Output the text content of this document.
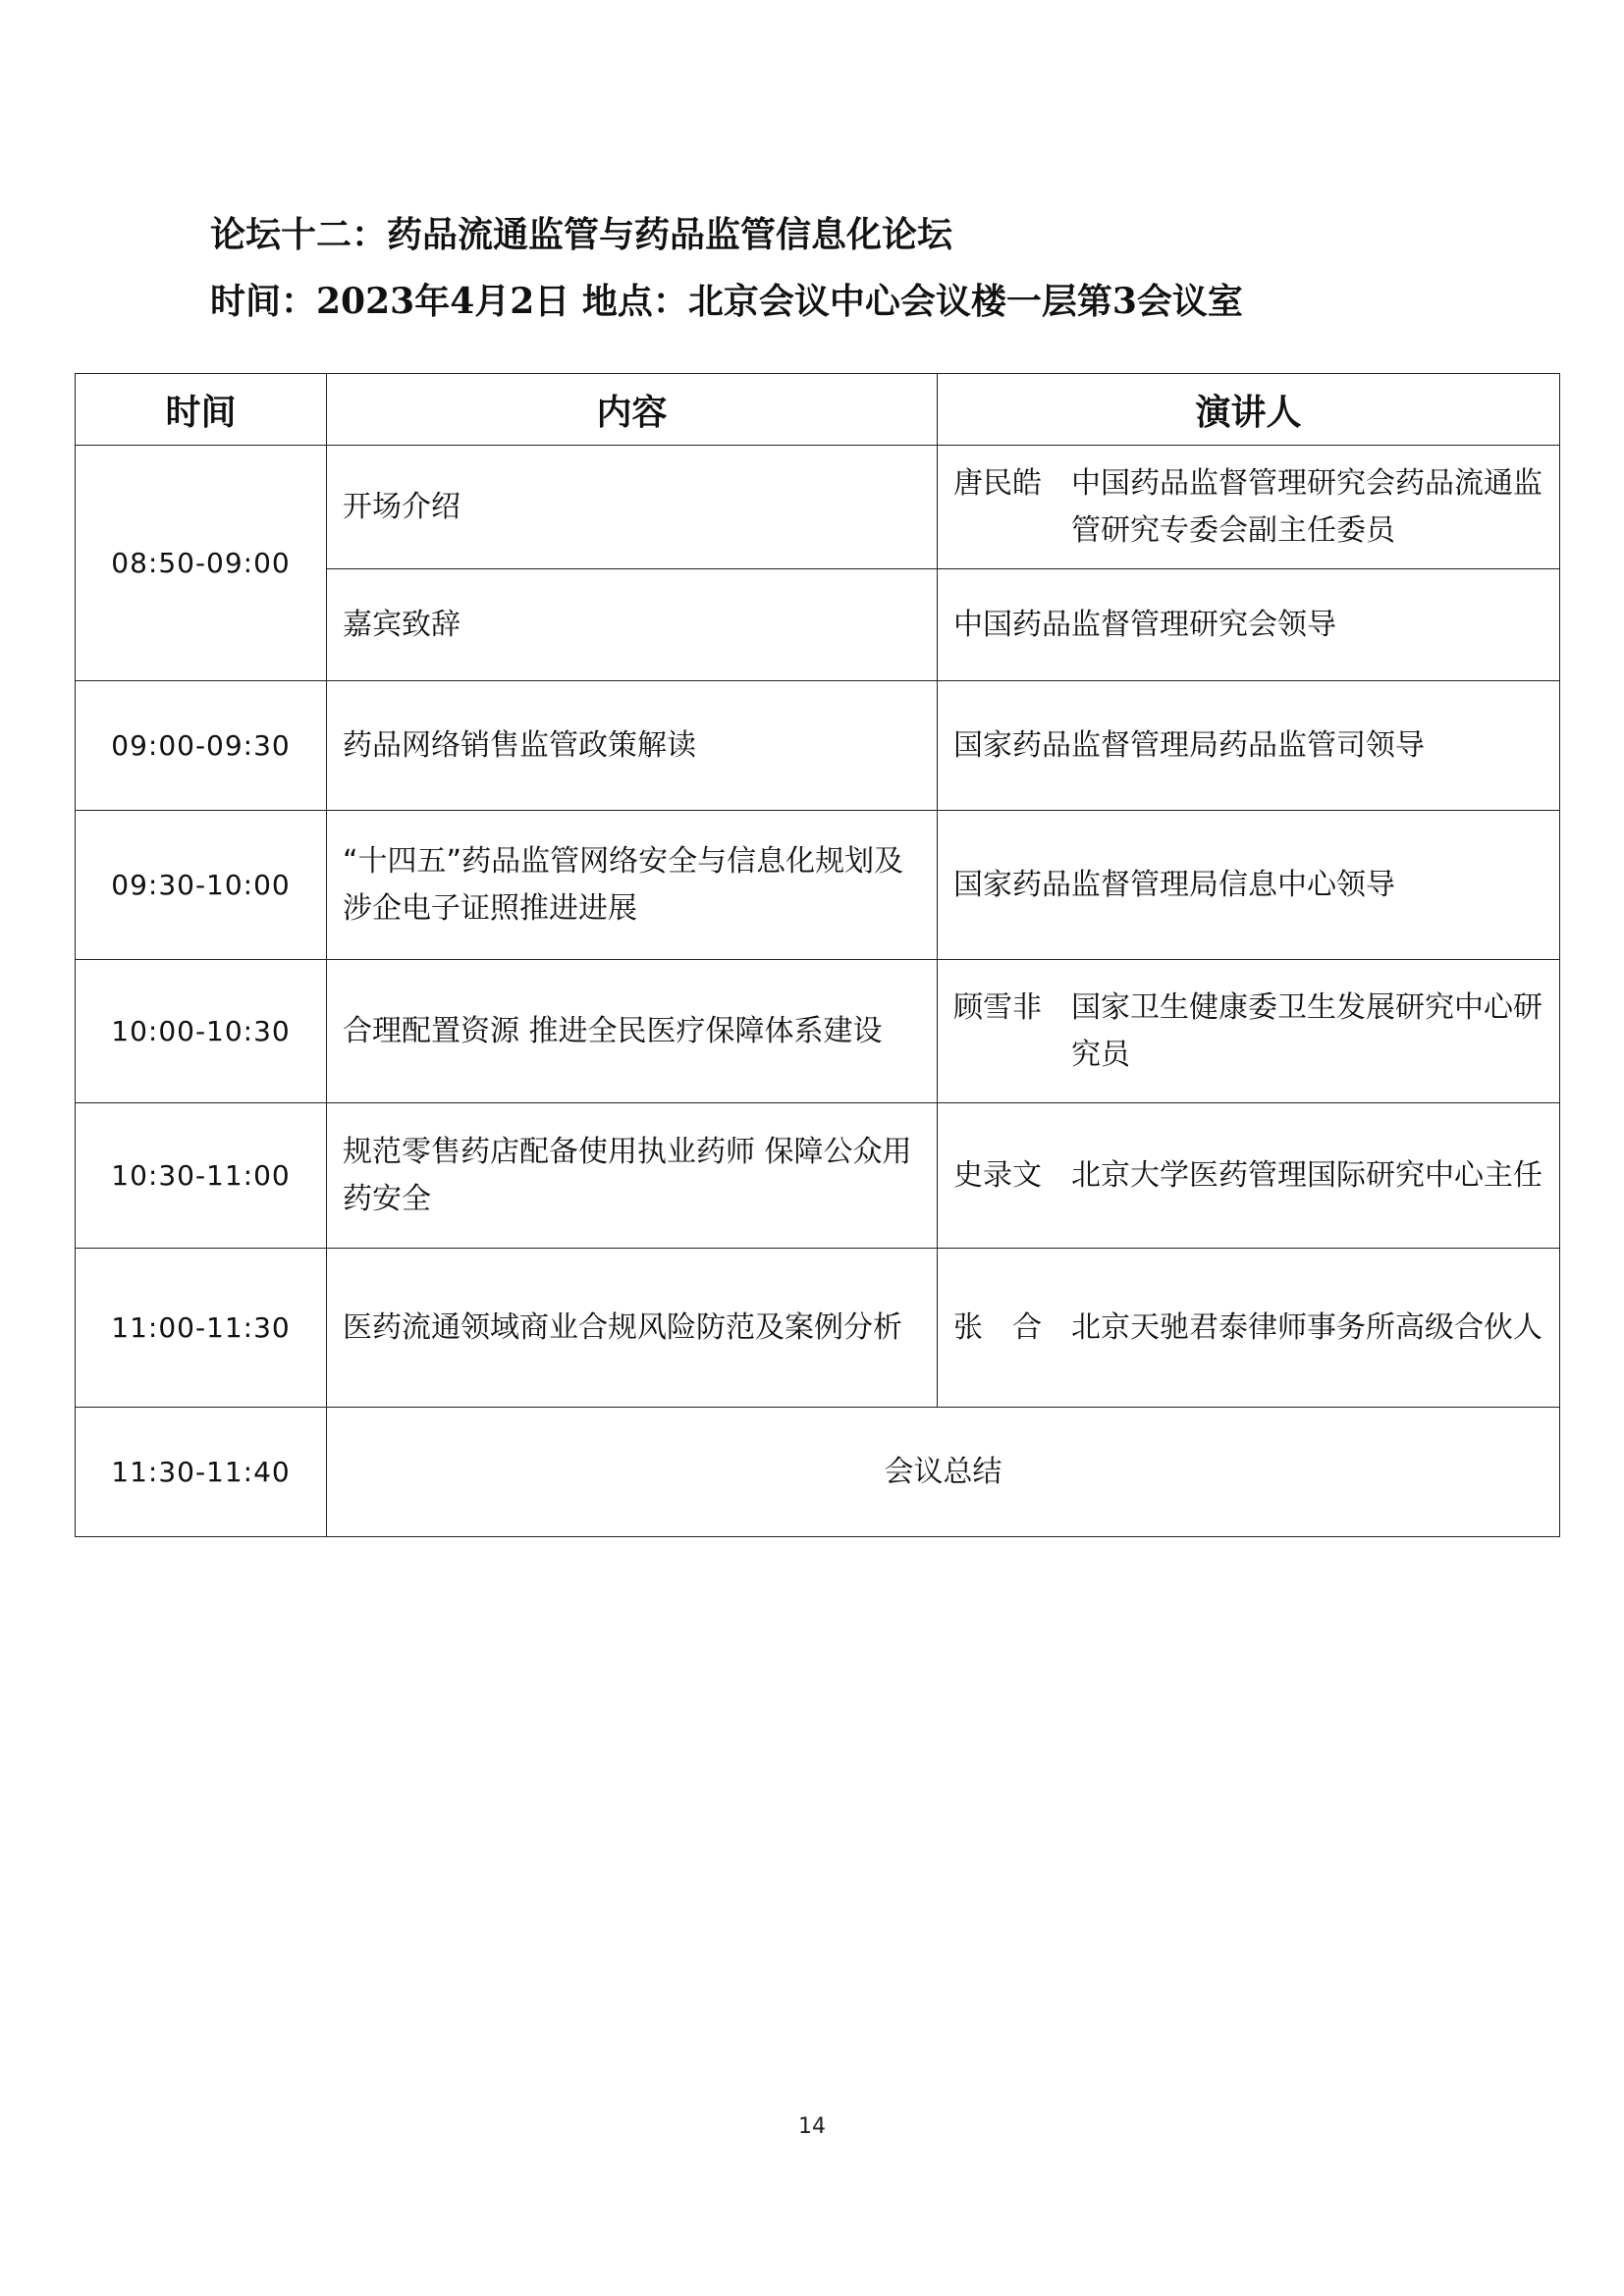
论坛十二：药品流通监管与药品监管信息化论坛
时间：2023年4月2日 地点：北京会议中心会议楼一层第3会议室
时间	内容	演讲人
08:50-09:00	开场介绍	唐民皓 中国药品监督管理研究会药品流通监管研究专委会副主任委员

	嘉宾致辞	中国药品监督管理研究会领导
09:00-09:30	药品网络销售监管政策解读	国家药品监督管理局药品监管司领导
09:30-10:00	“十四五”药品监管网络安全与信息化规划及涉企电子证照推进进展	国家药品监督管理局信息中心领导
10:00-10:30	合理配置资源 推进全民医疗保障体系建设	顾雪非 国家卫生健康委卫生发展研究中心研究员

10:30-11:00	规范零售药店配备使用执业药师 保障公众用药安全	史录文 北京大学医药管理国际研究中心主任

11:00-11:30	医药流通领域商业合规风险防范及案例分析	张　合 北京天驰君泰律师事务所高级合伙人

11:30-11:40	会议总结	
14
